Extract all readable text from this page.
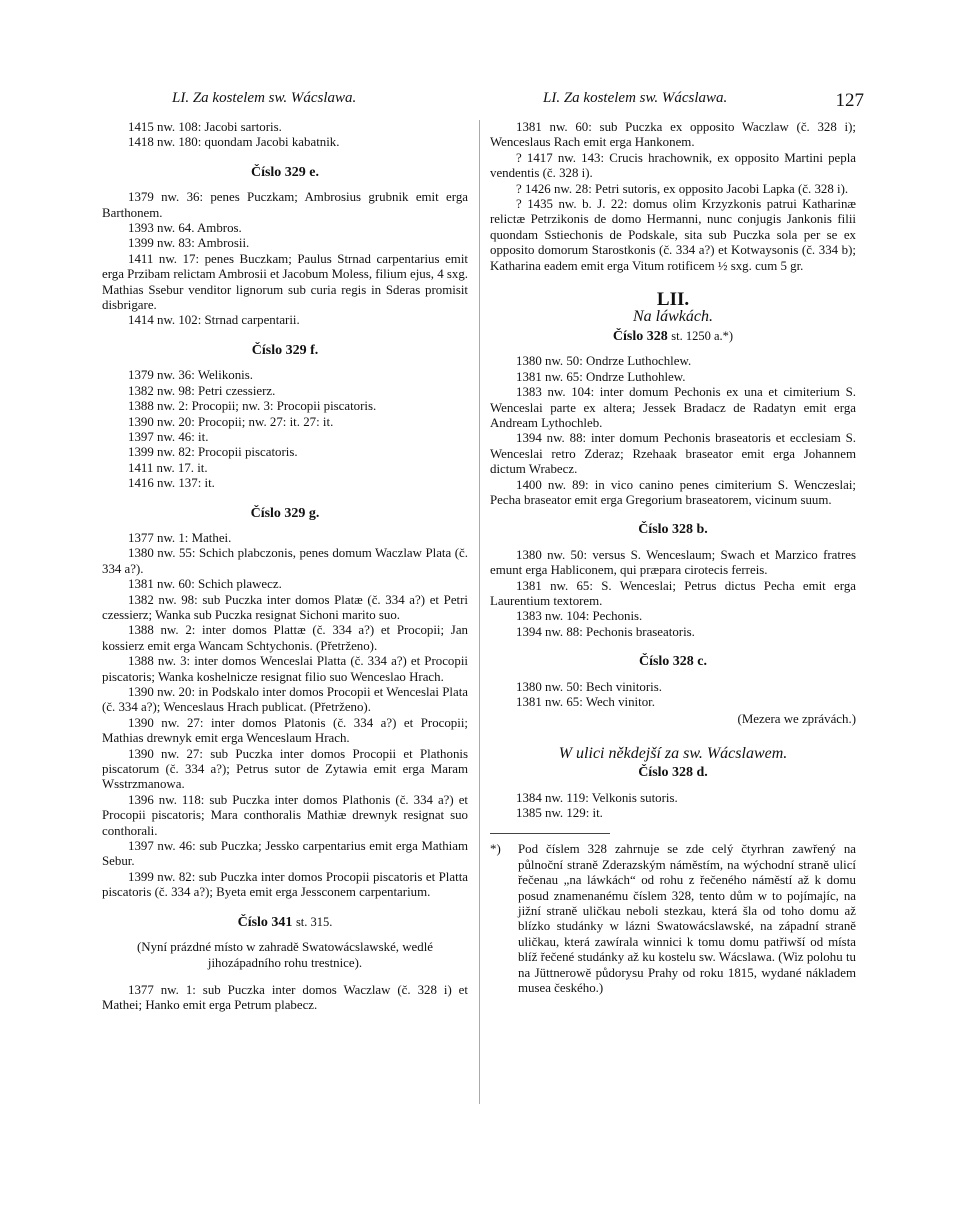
LI. Za kostelem sw. Wácslawa.	LI. Za kostelem sw. Wácslawa.	127

1415 nw. 108: Jacobi sartoris.

1418 nw. 180: quondam Jacobi kabatnik.

Číslo 329 e.

1379 nw. 36: penes Puczkam; Ambrosius grubnik emit erga Barthonem.

1393 nw. 64. Ambros.

1399 nw. 83: Ambrosii.

1411 nw. 17: penes Buczkam; Paulus Strnad carpentarius emit erga Przibam relictam Ambrosii et Jacobum Moless, filium ejus, 4 sxg. Mathias Ssebur venditor lignorum sub curia regis in Sderas promisit disbrigare.

1414 nw. 102: Strnad carpentarii.

Číslo 329 f.

1379 nw. 36: Welikonis.

1382 nw. 98: Petri czessierz.

1388 nw. 2: Procopii; nw. 3: Procopii piscatoris.

1390 nw. 20: Procopii; nw. 27: it. 27: it.

1397 nw. 46: it.

1399 nw. 82: Procopii piscatoris.

1411 nw. 17. it.

1416 nw. 137: it.

Číslo 329 g.

1377 nw. 1: Mathei.

1380 nw. 55: Schich plabczonis, penes domum Waczlaw Plata (č. 334 a?).

1381 nw. 60: Schich plawecz.

1382 nw. 98: sub Puczka inter domos Platæ (č. 334 a?) et Petri czessierz; Wanka sub Puczka resignat Sichoni marito suo.

1388 nw. 2: inter domos Plattæ (č. 334 a?) et Procopii; Jan kossierz emit erga Wancam Schtychonis. (Přetrženo).

1388 nw. 3: inter domos Wenceslai Platta (č. 334 a?) et Procopii piscatoris; Wanka koshelnicze resignat filio suo Wenceslao Hrach.

1390 nw. 20: in Podskalo inter domos Procopii et Wenceslai Plata (č. 334 a?); Wenceslaus Hrach publicat. (Přetrženo).

1390 nw. 27: inter domos Platonis (č. 334 a?) et Procopii; Mathias drewnyk emit erga Wenceslaum Hrach.

1390 nw. 27: sub Puczka inter domos Procopii et Plathonis piscatorum (č. 334 a?); Petrus sutor de Zytawia emit erga Maram Wsstrzmanowa.

1396 nw. 118: sub Puczka inter domos Plathonis (č. 334 a?) et Procopii piscatoris; Mara conthoralis Mathiæ drewnyk resignat suo conthorali.

1397 nw. 46: sub Puczka; Jessko carpentarius emit erga Mathiam Sebur.

1399 nw. 82: sub Puczka inter domos Procopii piscatoris et Platta piscatoris (č. 334 a?); Byeta emit erga Jessconem carpentarium.

Číslo 341 st. 315.

(Nyní prázdné místo w zahradě Swatowácslawské, wedlé jihozápadního rohu trestnice).

1377 nw. 1: sub Puczka inter domos Waczlaw (č. 328 i) et Mathei; Hanko emit erga Petrum plabecz.

1381 nw. 60: sub Puczka ex opposito Waczlaw (č. 328 i); Wenceslaus Rach emit erga Hankonem.

? 1417 nw. 143: Crucis hrachownik, ex opposito Martini pepla vendentis (č. 328 i).

? 1426 nw. 28: Petri sutoris, ex opposito Jacobi Lapka (č. 328 i).

? 1435 nw. b. J. 22: domus olim Krzyzkonis patrui Katharinæ relictæ Petrzikonis de domo Hermanni, nunc conjugis Jankonis filii quondam Sstiechonis de Podskale, sita sub Puczka sola per se ex opposito domorum Starostkonis (č. 334 a?) et Kotwaysonis (č. 334 b); Katharina eadem emit erga Vitum rotificem ½ sxg. cum 5 gr.

LII.
Na láwkách.
Číslo 328 st. 1250 a.*)

1380 nw. 50: Ondrze Luthochlew.

1381 nw. 65: Ondrze Luthohlew.

1383 nw. 104: inter domum Pechonis ex una et cimiterium S. Wenceslai parte ex altera; Jessek Bradacz de Radatyn emit erga Andream Lythochleb.

1394 nw. 88: inter domum Pechonis braseatoris et ecclesiam S. Wenceslai retro Zderaz; Rzehaak braseator emit erga Johannem dictum Wrabecz.

1400 nw. 89: in vico canino penes cimiterium S. Wenczeslai; Pecha braseator emit erga Gregorium braseatorem, vicinum suum.

Číslo 328 b.

1380 nw. 50: versus S. Wenceslaum; Swach et Marzico fratres emunt erga Habliconem, qui præpara cirotecis ferreis.

1381 nw. 65: S. Wenceslai; Petrus dictus Pecha emit erga Laurentium textorem.

1383 nw. 104: Pechonis.

1394 nw. 88: Pechonis braseatoris.

Číslo 328 c.

1380 nw. 50: Bech vinitoris.

1381 nw. 65: Wech vinitor.

(Mezera we zprávách.)

W ulici někdejší za sw. Wácslawem.
Číslo 328 d.

1384 nw. 119: Velkonis sutoris.

1385 nw. 129: it.

*) Pod číslem 328 zahrnuje se zde celý čtyrhran zawřený na půlnoční straně Zderazským náměstím, na wýchodní straně ulicí řečenau „na láwkách“ od rohu z řečeného náměstí až k domu posud znamenanému číslem 328, tento dům w to pojímajíc, na jižní straně uličkau neboli stezkau, která šla od toho domu až blízko studánky w lázni Swatowácslawské, na západní straně uličkau, která zawírala winnici k tomu domu patřiwší od místa blíž řečené studánky až ku kostelu sw. Wácslawa. (Wiz polohu tu na Jüttnerowě půdorysu Prahy od roku 1815, wydané nákladem musea českého.)
